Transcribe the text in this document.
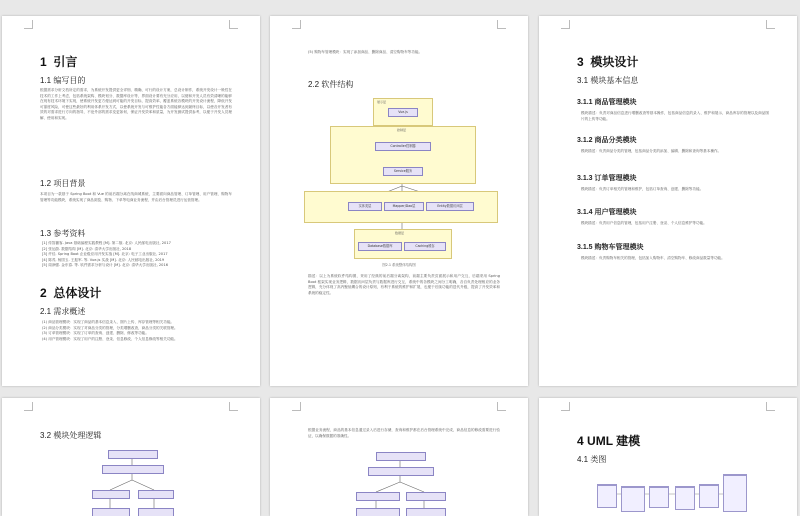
1 引言
1.1 编写目的
根据需求分析文档所定的需求，为系统开发提供更全详细、精确、可行的设计方案，总设计制作，系统开发设计一般性在技术的工作上考虑，包括系统架构、模块划分、数据库设计等，界面设计要有充分应用，以便和开发人员有效清晰的能够在现有技术环境下实现，使系统开发更方便达到可能的开发目标，提高效率，覆盖系统各模块的开发设计流程，降低开发可靠度风险，可使这些最好的利用体系开发方式，以使系统开发与可维护性能各方面能够达到最终目标，以使各开发者有效的对需求进行方向的指导，不论外部的需求变更如何，保证开发效率和质量，为开发测试提供参考，以便于开发人员理解、使用和实现。
1.2 项目背景
本项目为一款基于 Spring Boot 和 Vue 的前后端分离在线商城系统，主要面向商品管理、订单管理、用户管理、购物车管理等功能模块，系统实现了商品浏览、购物、下单等电商业务流程，并由后台管理员进行运营管理。
1.3 参考资料
[1] 传智播客. Java 基础编程实践教程 [M]. 第二版. 北京: 人民邮电出版社, 2017
[2] 张运蔚. 数据结构 [M]. 北京: 清华大学出版社, 2018
[3] 许佳. Spring Boot 企业级应用开发实战 [M]. 北京: 电子工业出版社, 2017
[4] 陈茂. 杨国玉. 王振军. 等. Vue.js 实战 [M]. 北京: 人民邮电出版社, 2019
[5] 周润强. 金东春. 等. 软件需求分析与设计 [M]. 北京: 清华大学出版社, 2016
2 总体设计
2.1 需求概述
(1) 商品管理模块：实现了商品的基本信息录入、图片上传、库存管理等相关功能。
(2) 商品分类模块：实现了对商品分类的管理，分类增删改查，商品分类的关联管理。
(3) 订单管理模块：实现了订单的查询、创建、删除、修改等功能。
(4) 用户管理模块：实现了用户的注册、登录、信息修改、个人信息修改等相关功能。
(5) 购物车管理模块：实现了添加商品、删除商品、清空购物车等功能。
2.2 软件结构
展示层
Vue.js
控制层
Controller控制器
Service服务
实体类层	Mapper/Dao层	Entity数据访问层
数据层
Database数据库	Caching缓存
图2.1 系统整体结构图
描述：以上为系统软件结构图，采用了经典的前后端分离架构，前端主要负责页面展示和用户交互，后端采用 Spring Boot 框架实现业务逻辑，数据访问层负责与数据库进行交互，系统中的各模块之间分工明确，各自负责处理相应的业务逻辑，充分体现了高内聚低耦合的设计原则，有利于系统的维护和扩展，也便于后续功能的迭代升级，提高了开发效率和系统的稳定性。
3 模块设计
3.1 模块基本信息
3.1.1 商品管理模块
模块描述：负责对商品信息进行增删改查等基本操作，包括商品信息的录入、维护和展示，商品库存的管理以及商品图片的上传等功能。
3.1.2 商品分类模块
模块描述：负责商品分类的管理，包括商品分类的添加、编辑、删除和查询等基本操作。
3.1.3 订单管理模块
模块描述：负责订单相关的管理和维护，包括订单查询、创建、删除等功能。
3.1.4 用户管理模块
模块描述：负责用户信息的管理，包括用户注册、登录、个人信息维护等功能。
3.1.5 购物车管理模块
模块描述：负责购物车相关的管理，包括加入购物车、清空购物车、修改商品数量等功能。
3.2 模块处理逻辑
根据业务流程，商品的基本信息通过录入后进行存储，查询和维护都在后台管理系统中完成，商品信息的修改需要进行验证，以确保数据的准确性。	4 UML 建模
4.1 类图
